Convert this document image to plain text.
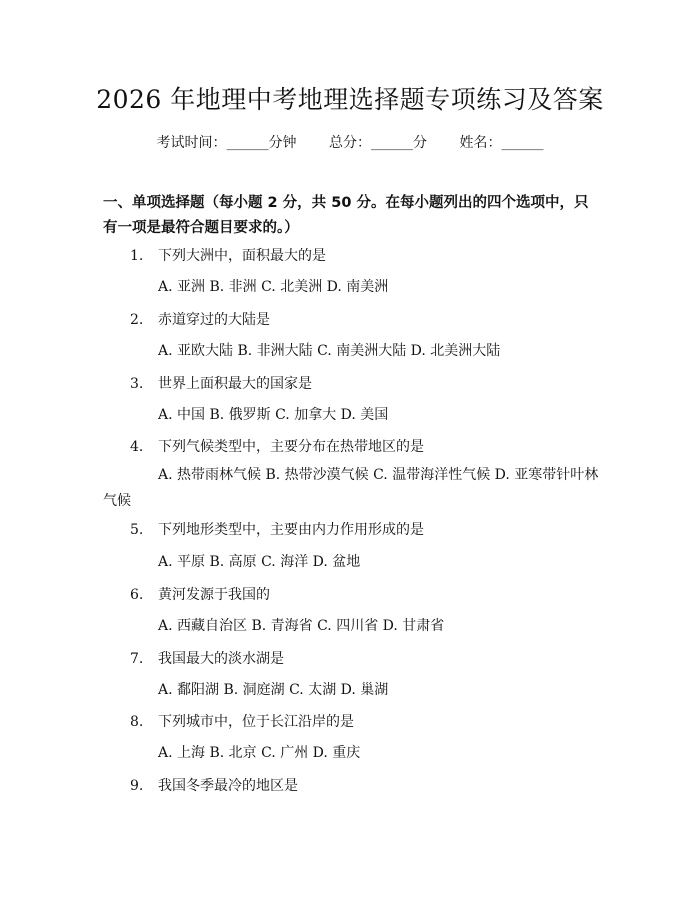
2026 年地理中考地理选择题专项练习及答案
考试时间：______分钟 总分：______分 姓名：______
一、单项选择题（每小题 2 分，共 50 分。在每小题列出的四个选项中，只有一项是最符合题目要求的。）
1. 下列大洲中，面积最大的是
A. 亚洲 B. 非洲 C. 北美洲 D. 南美洲
2. 赤道穿过的大陆是
A. 亚欧大陆 B. 非洲大陆 C. 南美洲大陆 D. 北美洲大陆
3. 世界上面积最大的国家是
A. 中国 B. 俄罗斯 C. 加拿大 D. 美国
4. 下列气候类型中，主要分布在热带地区的是
A. 热带雨林气候 B. 热带沙漠气候 C. 温带海洋性气候 D. 亚寒带针叶林气候
5. 下列地形类型中，主要由内力作用形成的是
A. 平原 B. 高原 C. 海洋 D. 盆地
6. 黄河发源于我国的
A. 西藏自治区 B. 青海省 C. 四川省 D. 甘肃省
7. 我国最大的淡水湖是
A. 鄱阳湖 B. 洞庭湖 C. 太湖 D. 巢湖
8. 下列城市中，位于长江沿岸的是
A. 上海 B. 北京 C. 广州 D. 重庆
9. 我国冬季最冷的地区是
